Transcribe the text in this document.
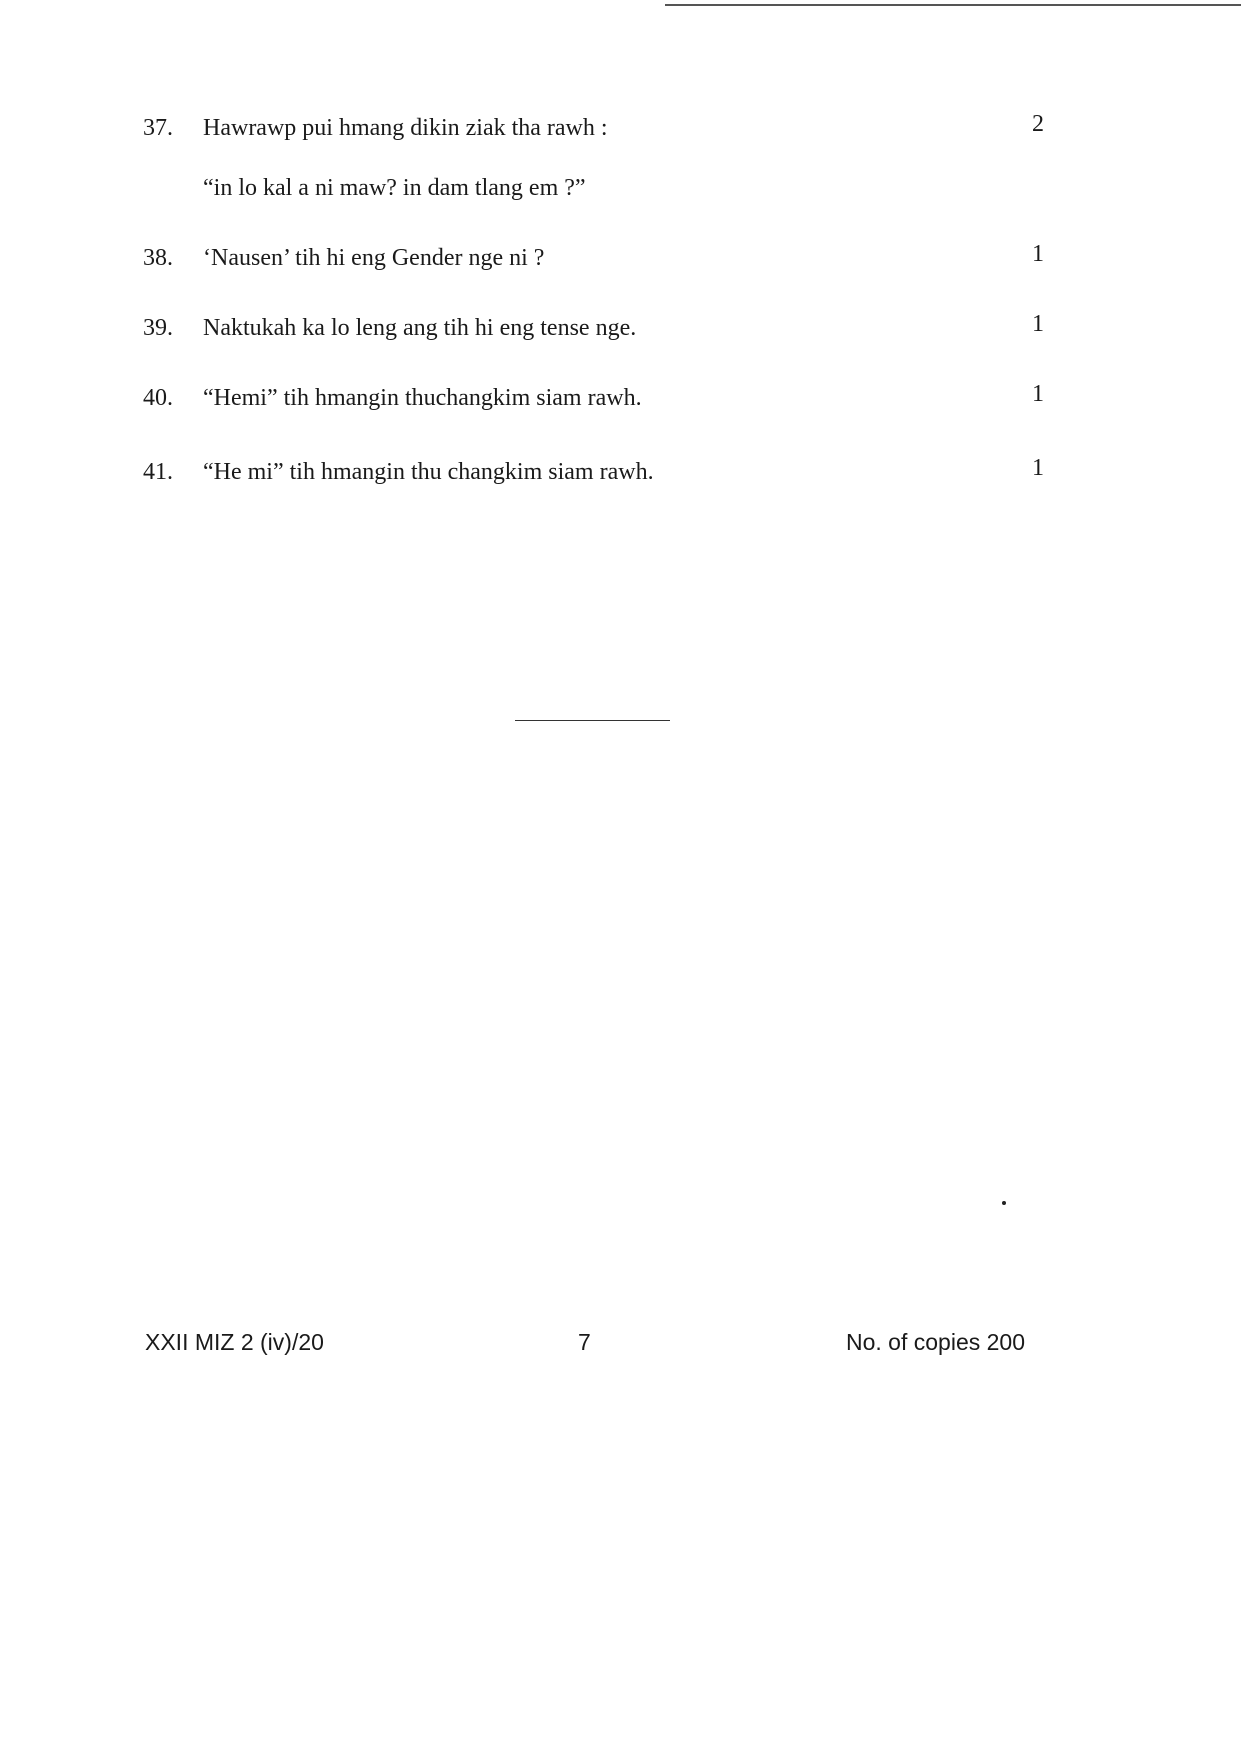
37.	Hawrawp pui hmang dikin ziak tha rawh :	2
“in lo kal a ni maw? in dam tlang em ?”
38.	‘Nausen’ tih hi eng Gender nge ni ?	1
39.	Naktukah ka lo leng ang tih hi eng tense nge.	1
40.	“Hemi” tih hmangin thuchangkim siam rawh.	1
41.	“He mi” tih hmangin thu changkim siam rawh.	1
XXII MIZ 2 (iv)/20	7	No. of copies 200
